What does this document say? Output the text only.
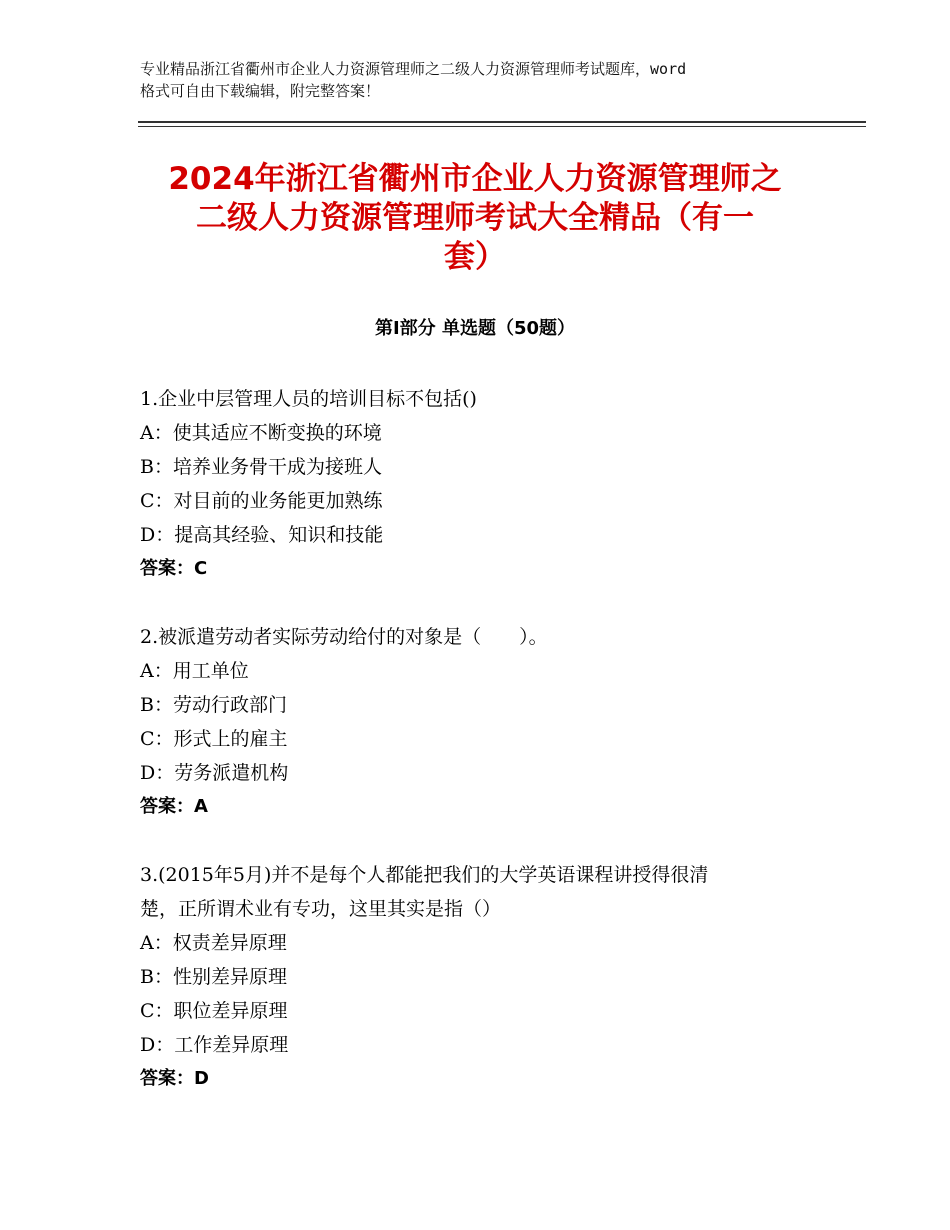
专业精品浙江省衢州市企业人力资源管理师之二级人力资源管理师考试题库，word
格式可自由下载编辑，附完整答案！
2024年浙江省衢州市企业人力资源管理师之
二级人力资源管理师考试大全精品（有一
套）
第Ⅰ部分 单选题（50题）
1.企业中层管理人员的培训目标不包括()
A：使其适应不断变换的环境
B：培养业务骨干成为接班人
C：对目前的业务能更加熟练
D：提高其经验、知识和技能
答案：C
2.被派遣劳动者实际劳动给付的对象是（　　）。
A：用工单位
B：劳动行政部门
C：形式上的雇主
D：劳务派遣机构
答案：A
3.(2015年5月)并不是每个人都能把我们的大学英语课程讲授得很清
楚，正所谓术业有专功，这里其实是指（）
A：权责差异原理
B：性别差异原理
C：职位差异原理
D：工作差异原理
答案：D
